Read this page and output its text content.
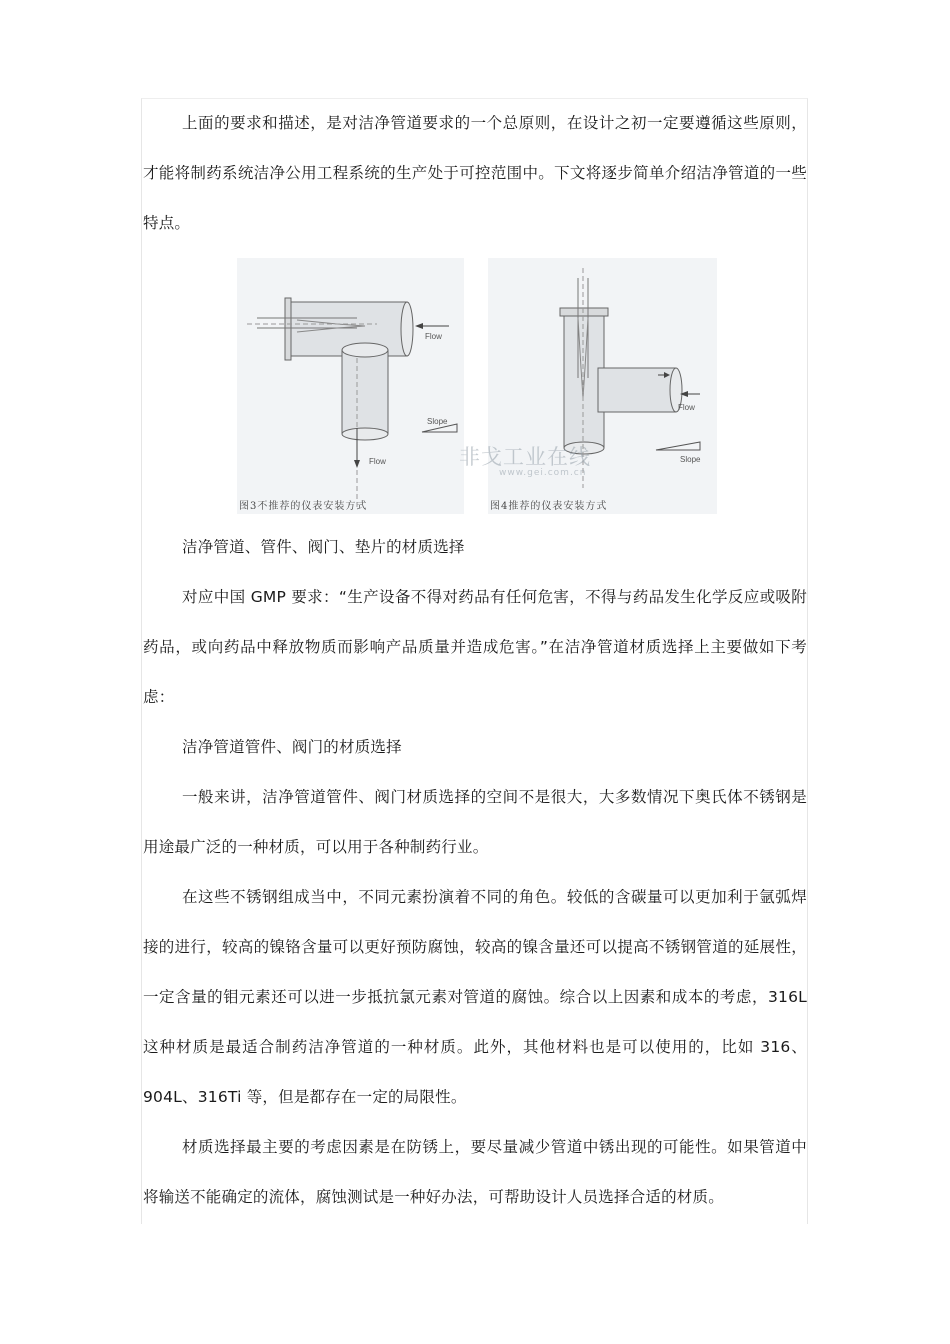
上面的要求和描述，是对洁净管道要求的一个总原则，在设计之初一定要遵循这些原则，才能将制药系统洁净公用工程系统的生产处于可控范围中。下文将逐步简单介绍洁净管道的一些特点。

Flow
Flow
Slope
图3不推荐的仪表安装方式
Flow
Slope
图4推荐的仪表安装方式
非戈工业在线
www.gei.com.cn

洁净管道、管件、阀门、垫片的材质选择

对应中国 GMP 要求：“生产设备不得对药品有任何危害，不得与药品发生化学反应或吸附药品，或向药品中释放物质而影响产品质量并造成危害。”在洁净管道材质选择上主要做如下考虑：

洁净管道管件、阀门的材质选择

一般来讲，洁净管道管件、阀门材质选择的空间不是很大，大多数情况下奥氏体不锈钢是用途最广泛的一种材质，可以用于各种制药行业。

在这些不锈钢组成当中，不同元素扮演着不同的角色。较低的含碳量可以更加利于氩弧焊接的进行，较高的镍铬含量可以更好预防腐蚀，较高的镍含量还可以提高不锈钢管道的延展性，一定含量的钼元素还可以进一步抵抗氯元素对管道的腐蚀。综合以上因素和成本的考虑，316L 这种材质是最适合制药洁净管道的一种材质。此外，其他材料也是可以使用的，比如 316、904L、316Ti 等，但是都存在一定的局限性。

材质选择最主要的考虑因素是在防锈上，要尽量减少管道中锈出现的可能性。如果管道中将输送不能确定的流体，腐蚀测试是一种好办法，可帮助设计人员选择合适的材质。
